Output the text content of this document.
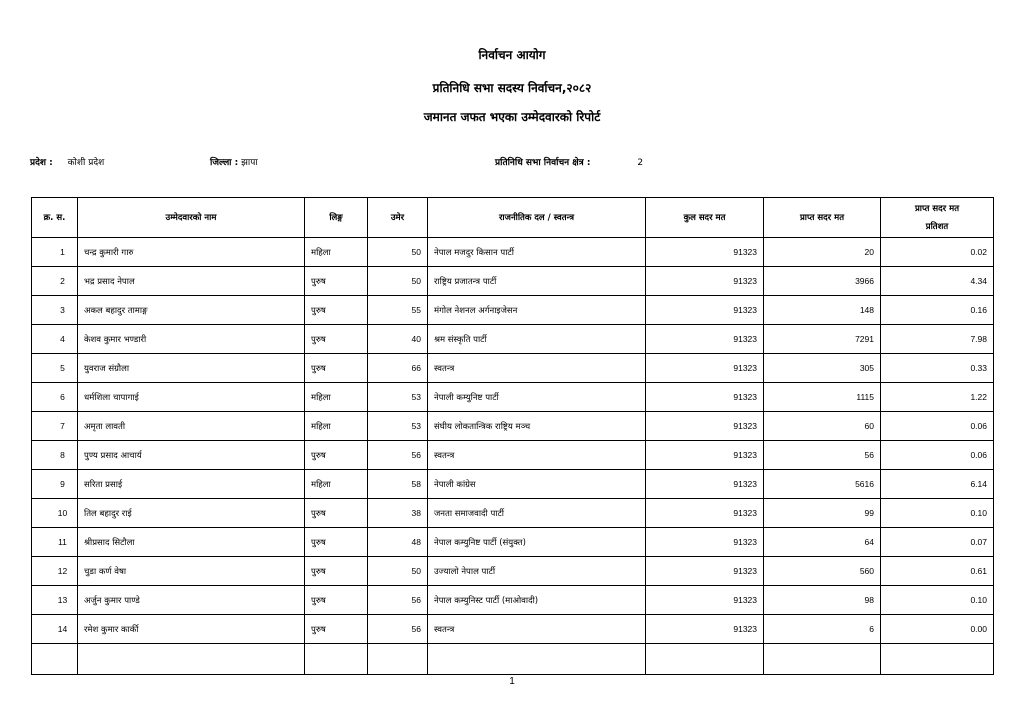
निर्वाचन आयोग
प्रतिनिधि सभा सदस्य निर्वाचन,२०८२
जमानत जफत भएका उम्मेदवारको रिपोर्ट
प्रदेश : कोशी प्रदेश	जिल्ला : झापा	प्रतिनिधि सभा निर्वाचन क्षेत्र :	2
क्र. स.	उम्मेदवारको नाम	लिङ्ग	उमेर	राजनीतिक दल / स्वतन्त्र	कुल सदर मत	प्राप्त सदर मत	प्राप्त सदर मत
प्रतिशत

1	चन्द्र कुमारी गारु	महिला	50	नेपाल मजदुर किसान पार्टी	91323	20	0.02
2	भद्र प्रसाद नेपाल	पुरुष	50	राष्ट्रिय प्रजातन्त्र पार्टी	91323	3966	4.34
3	अकल बहादुर तामाङ्ग	पुरुष	55	मंगोल नेशनल अर्गनाइजेसन	91323	148	0.16
4	केशव कुमार भण्डारी	पुरुष	40	श्रम संस्कृति पार्टी	91323	7291	7.98
5	युवराज संग्रौला	पुरुष	66	स्वतन्त्र	91323	305	0.33
6	धर्मशिला चापागाई	महिला	53	नेपाली कम्युनिष्ट पार्टी	91323	1115	1.22
7	अमृता लावती	महिला	53	संघीय लोकतान्त्रिक राष्ट्रिय मञ्च	91323	60	0.06
8	पुण्य प्रसाद आचार्य	पुरुष	56	स्वतन्त्र	91323	56	0.06
9	सरिता प्रसाई	महिला	58	नेपाली कांग्रेस	91323	5616	6.14
10	तिल बहादुर राई	पुरुष	38	जनता समाजवादी पार्टी	91323	99	0.10
11	श्रीप्रसाद सिटौला	पुरुष	48	नेपाल कम्युनिष्ट पार्टी (संयुक्त)	91323	64	0.07
12	चुडा कर्ण वेषा	पुरुष	50	उज्यालो नेपाल पार्टी	91323	560	0.61
13	अर्जुन कुमार पाण्डे	पुरुष	56	नेपाल कम्युनिस्ट पार्टी (माओवादी)	91323	98	0.10
14	रमेश कुमार कार्की	पुरुष	56	स्वतन्त्र	91323	6	0.00

1
